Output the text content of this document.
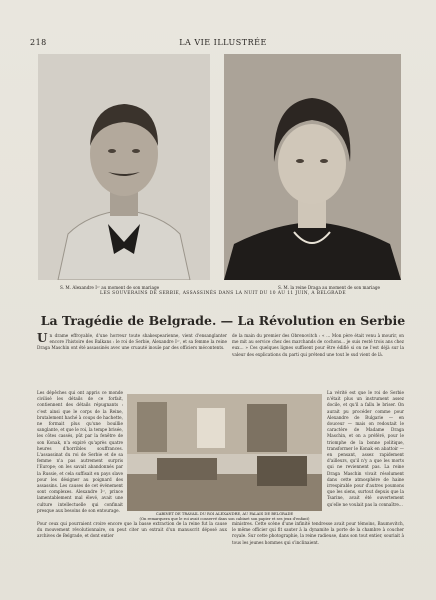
218	LA VIE ILLUSTRÉE
S. M. Alexandre Iᵉʳ au moment de son mariage	S. M. la reine Draga au moment de son mariage
LES SOUVERAINS DE SERBIE, ASSASSINÉS DANS LA NUIT DU 10 AU 11 JUIN, A BELGRADE
La Tragédie de Belgrade. — La Révolution en Serbie
U n drame effroyable, d'une horreur toute shakespearienne, vient d'ensanglanter encore l'histoire des Balkans : le roi de Serbie, Alexandre Iᵉʳ, et sa femme la reine Draga Maschin ont été assassinés avec une cruauté inouïe par des officiers mécontents.
de la main du premier des Obrenovitch : « ... Mon père était venu à mourir, on me mit au service chez des marchands de cochons... je suis resté trois ans chez eux... » Ces quelques lignes suffisent pour être édifié si on ne l'est déjà sur la valeur des explications du parti qui prétend une tout le sud vient de là.
Les dépêches qui ont appris ce monde civilisé les détails de ce forfait, contiennent des détails répugnants : c'est ainsi que le corps de la Reine, brutalement haché à coups de hachette, ne formait plus qu'une bouillie sanglante, et que le roi, la tempe brisée, les côtes cassés, pût par la fenêtre de son Konak, n'a expiré qu'après quatre heures d'horribles souffrances. L'assassinat du roi de Serbie et de sa femme n'a pas autrement surpris l'Europe; on les savait abandonnés par la Russie, et cela suffisait en pays slave pour les désigner au poignard des assassins. Les causes de cet événement sont complexes. Alexandre Iᵉʳ, prince lamentablement mal élevé, avait une culture intellectuelle qui confinait presque aux besoins de son entourage.
La vérité est que le roi de Serbie n'était plus un instrument assez docile, et qu'il a fallu le briser. On aurait pu procéder comme pour Alexandre de Bulgarie — en douceur — mais on redoutait le caractère de Madame Draga Maschin, et on a préféré, pour le triomphe de la bonne politique, transformer le Konak en abattoir — en pensant, assez rapidement d'ailleurs, qu'il n'y a que les morts qui ne reviennent pas. La reine Draga Maschin vivait résolument dans cette atmosphère de haine irrespirable pour d'autres poumons que les siens, surtout depuis que la Tsarine, avait été ouvertement qu'elle ne voulait pas la connaître...
CABINET DE TRAVAIL DU ROI ALEXANDRE, AU PALAIS DE BELGRADE
(On remarquera que le roi avait conservé dans son cabinet son papier et ses jeux d'enfant)
Pour ceux qui pourraient croire encore que la basse extraction de la reine fut la cause du mouvement révolutionnaire, on peut citer un extrait d'un manuscrit déposé aux archives de Belgrade, et dont entier
ministres. Cette scène d'une infinité tendresse avait pour témoins, Baumovitch, le même officier qui fit sauter à la dynamite la porte de la chambre à coucher royale. Sur cette photographie, la reine radieuse, dans son tout entier, souriait à tous les jeunes hommes qui s'inclinaient.
